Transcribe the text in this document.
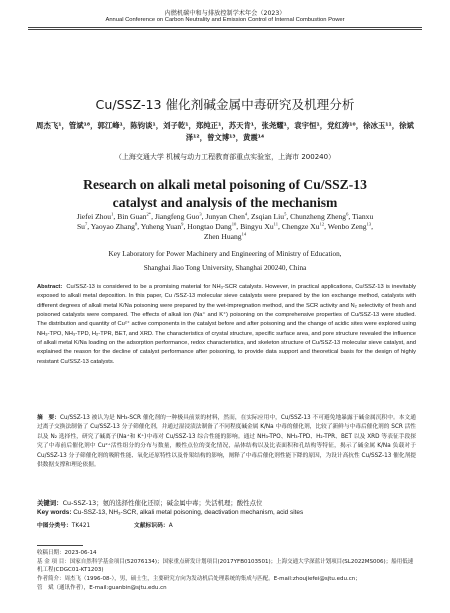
内燃机碳中和与排放控制学术年会（2023）
Annual Conference on Carbon Neutrality and Emission Control of Internal Combustion Power
Cu/SSZ-13 催化剂碱金属中毒研究及机理分析
周杰飞¹，管斌¹⁸，郭江峰¹，陈钧谈¹，刘子乾¹，郑纯正¹，苏天肯¹，张尧耀¹，袁宇恒¹，党红涛¹⁰，徐冰玉¹¹，徐斌泽¹²，曾文博¹³，黄震¹⁴
（上海交通大学 机械与动力工程教育部重点实验室，上海市 200240）
Research on alkali metal poisoning of Cu/SSZ-13
catalyst and analysis of the mechanism
Jiefei Zhou$^1$, Bin Guan$^{2*}$, Jiangfeng Guo$^3$, Junyan Chen$^4$, Zsqian Liu$^5$, Chunzheng Zheng$^6$, Tianxu
Su$^7$, Yaoyao Zhang$^8$, Yuheng Yuan$^9$, Hongtao Dang$^{10}$, Bingyu Xu$^{11}$, Chengze Xu$^{12}$, Wenbo Zeng$^{13}$,
Zhen Huang$^{14}$
Key Laboratory for Power Machinery and Engineering of Ministry of Education,
Shanghai Jiao Tong University, Shanghai 200240, China
Abstract: Cu/SSZ-13 is considered to be a promising material for NH₃-SCR catalysts. However, in practical applications, Cu/SSZ-13 is inevitably exposed to alkali metal deposition. In this paper, Cu /SSZ-13 molecular sieve catalysts were prepared by the ion exchange method, catalysts with different degrees of alkali metal K/Na poisoning were prepared by the wet-impregnation method, and the SCR activity and N₂ selectivity of fresh and poisoned catalysts were compared. The effects of alkali ion (Na⁺ and K⁺) poisoning on the comprehensive properties of Cu/SSZ-13 were studied. The distribution and quantity of Cu²⁺ active components in the catalyst before and after poisoning and the change of acidic sites were explored using NH₃-TPO, NH₃-TPD, H₂-TPR, BET, and XRD. The characteristics of crystal structure, specific surface area, and pore structure revealed the influence of alkali metal K/Na loading on the adsorption performance, redox characteristics, and skeleton structure of Cu/SSZ-13 molecular sieve catalyst, and explained the reason for the decline of catalyst performance after poisoning, to provide data support and theoretical basis for the design of highly resistant Cu/SSZ-13 catalysts.
摘　要：Cu/SSZ-13 被认为是 NH₃-SCR 催化剂的一种极具前景的材料，然而，在实际应用中，Cu/SSZ-13 不可避免地暴露于碱金属沉积中。本文通过离子交换法制备了 Cu/SSZ-13 分子筛催化剂，并通过湿浸渍法制备了不同程度碱金属 K/Na 中毒的催化剂，比较了新鲜与中毒后催化剂的 SCR 活性以及 N₂ 选择性，研究了碱离子(Na⁺和 K⁺)中毒对 Cu/SSZ-13 综合性能的影响。通过 NH₃-TPO、NH₃-TPD、H₂-TPR、BET 以及 XRD 等表征手段探究了中毒前后催化剂中 Cu²⁺活性组分的分布与数量，酸性点位的变化情况，晶体结构以及比表面积和孔结构等特征，揭示了碱金属 K/Na 负载对于 Cu/SSZ-13 分子筛催化剂的吸附性能、氧化还原特性以及骨架结构的影响，阐释了中毒后催化剂性能下降的原因，为设计高抗性 Cu/SSZ-13 催化剂提供数据支撑和理论依据。
关键词：Cu-SSZ-13；氨的选择性催化还原；碱金属中毒；失活机理；酸性点位
Key words: Cu-SSZ-13, NH₃-SCR, alkali metal poisoning, deactivation mechanism, acid sites
中图分类号：TK421	文献标识码：A
收稿日期：2023-06-14
基 金 项 目：国家自然科学基金项目(52076134)；国家重点研发计划项目(2017YFB0103501)；上海交通大学深蓝计划项目(SL2022MS006)；船用低速机工程(CDGC01-KT1203)
作者简介：周杰飞（1996-08-），男，硕士生，主要研究方向为发动机后处理系统的集成与匹配。E-mail:zhoujiefei@sjtu.edu.cn；
管　斌（通讯作者），E-mail:guanbin@sjtu.edu.cn
